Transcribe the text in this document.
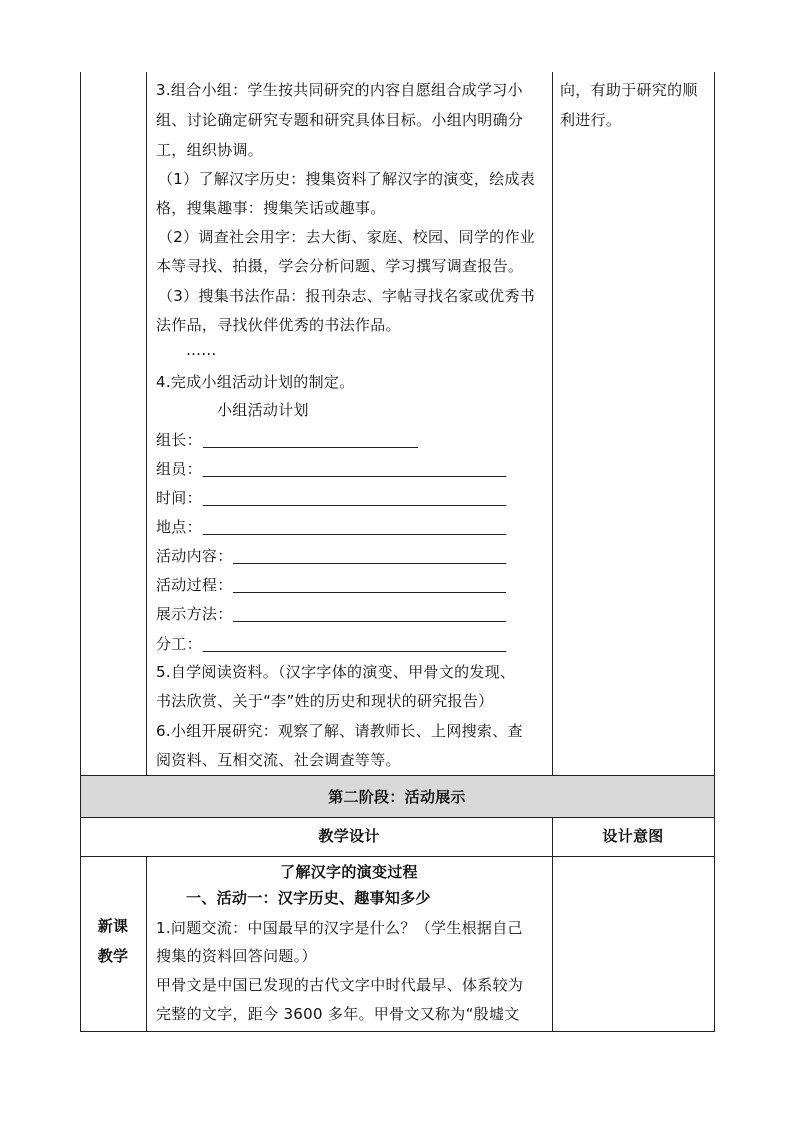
3.组合小组：学生按共同研究的内容自愿组合成学习小
组、讨论确定研究专题和研究具体目标。小组内明确分
工，组织协调。
（1）了解汉字历史：搜集资料了解汉字的演变，绘成表
格，搜集趣事：搜集笑话或趣事。
（2）调查社会用字：去大街、家庭、校园、同学的作业
本等寻找、拍摄，学会分析问题、学习撰写调查报告。
（3）搜集书法作品：报刊杂志、字帖寻找名家或优秀书
法作品，寻找伙伴优秀的书法作品。
……
4.完成小组活动计划的制定。
小组活动计划
组长：
组员：
时间：
地点：
活动内容：
活动过程：
展示方法：
分工：
5.自学阅读资料。（汉字字体的演变、甲骨文的发现、
书法欣赏、关于“李”姓的历史和现状的研究报告）
6.小组开展研究：观察了解、请教师长、上网搜索、查
阅资料、互相交流、社会调查等等。
向，有助于研究的顺
利进行。
第二阶段：活动展示
教学设计	设计意图
新课
教学
了解汉字的演变过程
一、活动一：汉字历史、趣事知多少
1.问题交流：中国最早的汉字是什么？（学生根据自己
搜集的资料回答问题。）
甲骨文是中国已发现的古代文字中时代最早、体系较为
完整的文字，距今 3600 多年。甲骨文又称为“殷墟文
